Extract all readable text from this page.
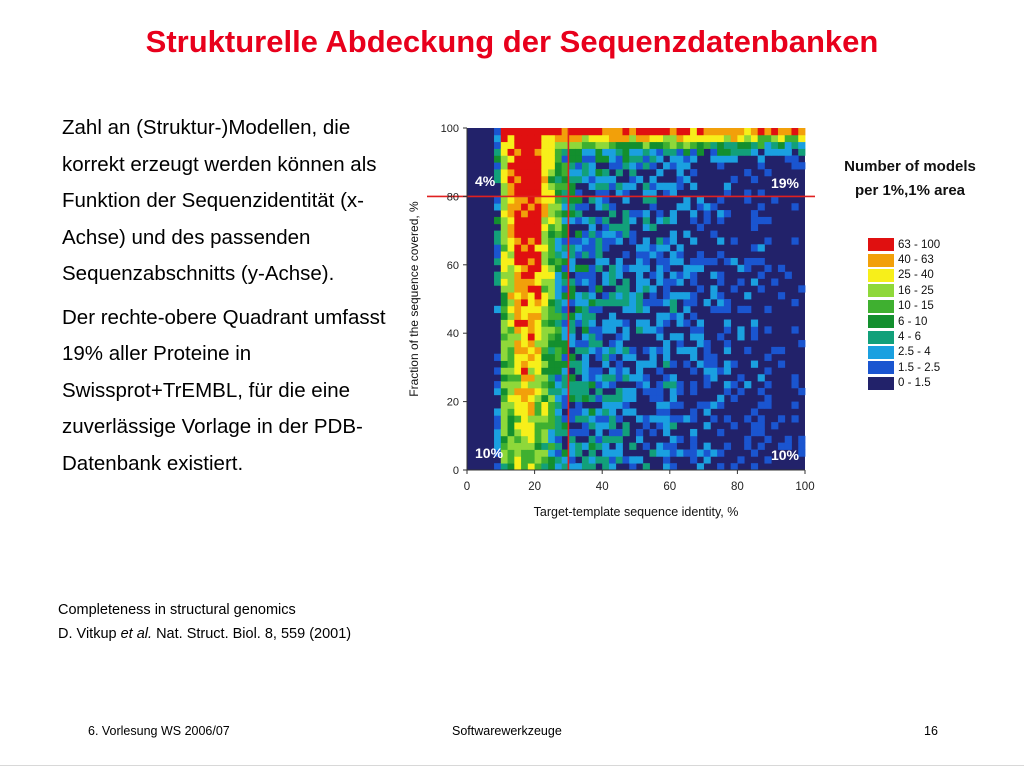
Strukturelle Abdeckung der Sequenzdatenbanken

Zahl an (Struktur-)Modellen, die korrekt erzeugt werden können als Funktion der Sequenzidentität (x-Achse) und des passenden Sequenzabschnitts (y-Achse).

Der rechte-obere Quadrant umfasst 19% aller Proteine in Swissprot+TrEMBL, für die eine zuverlässige Vorlage in der PDB-Datenbank existiert.	0
20
40
60
80
100
0	20	40	60	80	100
4%	19%
10%	10%
Target-template sequence identity, %
Fraction of the sequence covered, %
Number of models
per 1%,1% area
63 - 100
40 - 63
25 - 40
16 - 25
10 - 15
6 - 10
4 - 6
2.5 - 4
1.5 - 2.5
0 - 1.5
Completeness in structural genomics
D. Vitkup et al. Nat. Struct. Biol. 8, 559 (2001)
6. Vorlesung WS 2006/07	Softwarewerkzeuge	16
